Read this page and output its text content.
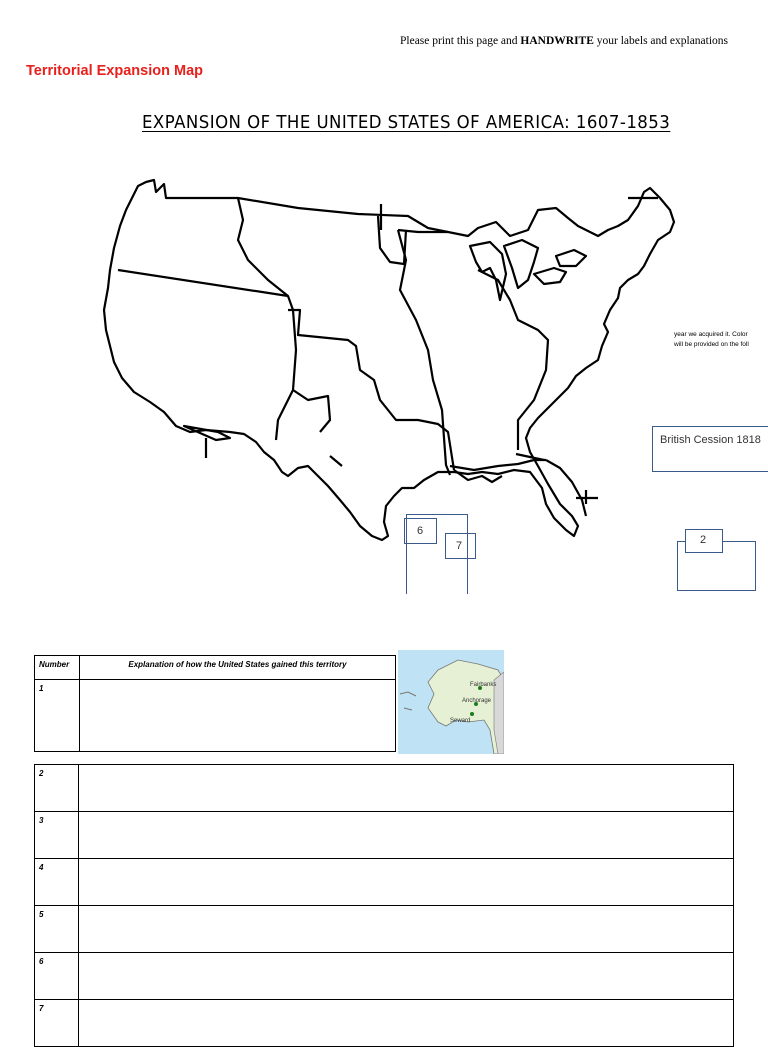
Please print this page and HANDWRITE your labels and explanations
Territorial Expansion Map
EXPANSION OF THE UNITED STATES OF AMERICA: 1607-1853
year we acquired it. Color
will be provided on the foll
British Cession 1818
6
7	2
Number	Explanation of how the United States gained this territory
1		Fairbanks
Anchorage
Seward
2	
3	
4	
5	
6	
7	
